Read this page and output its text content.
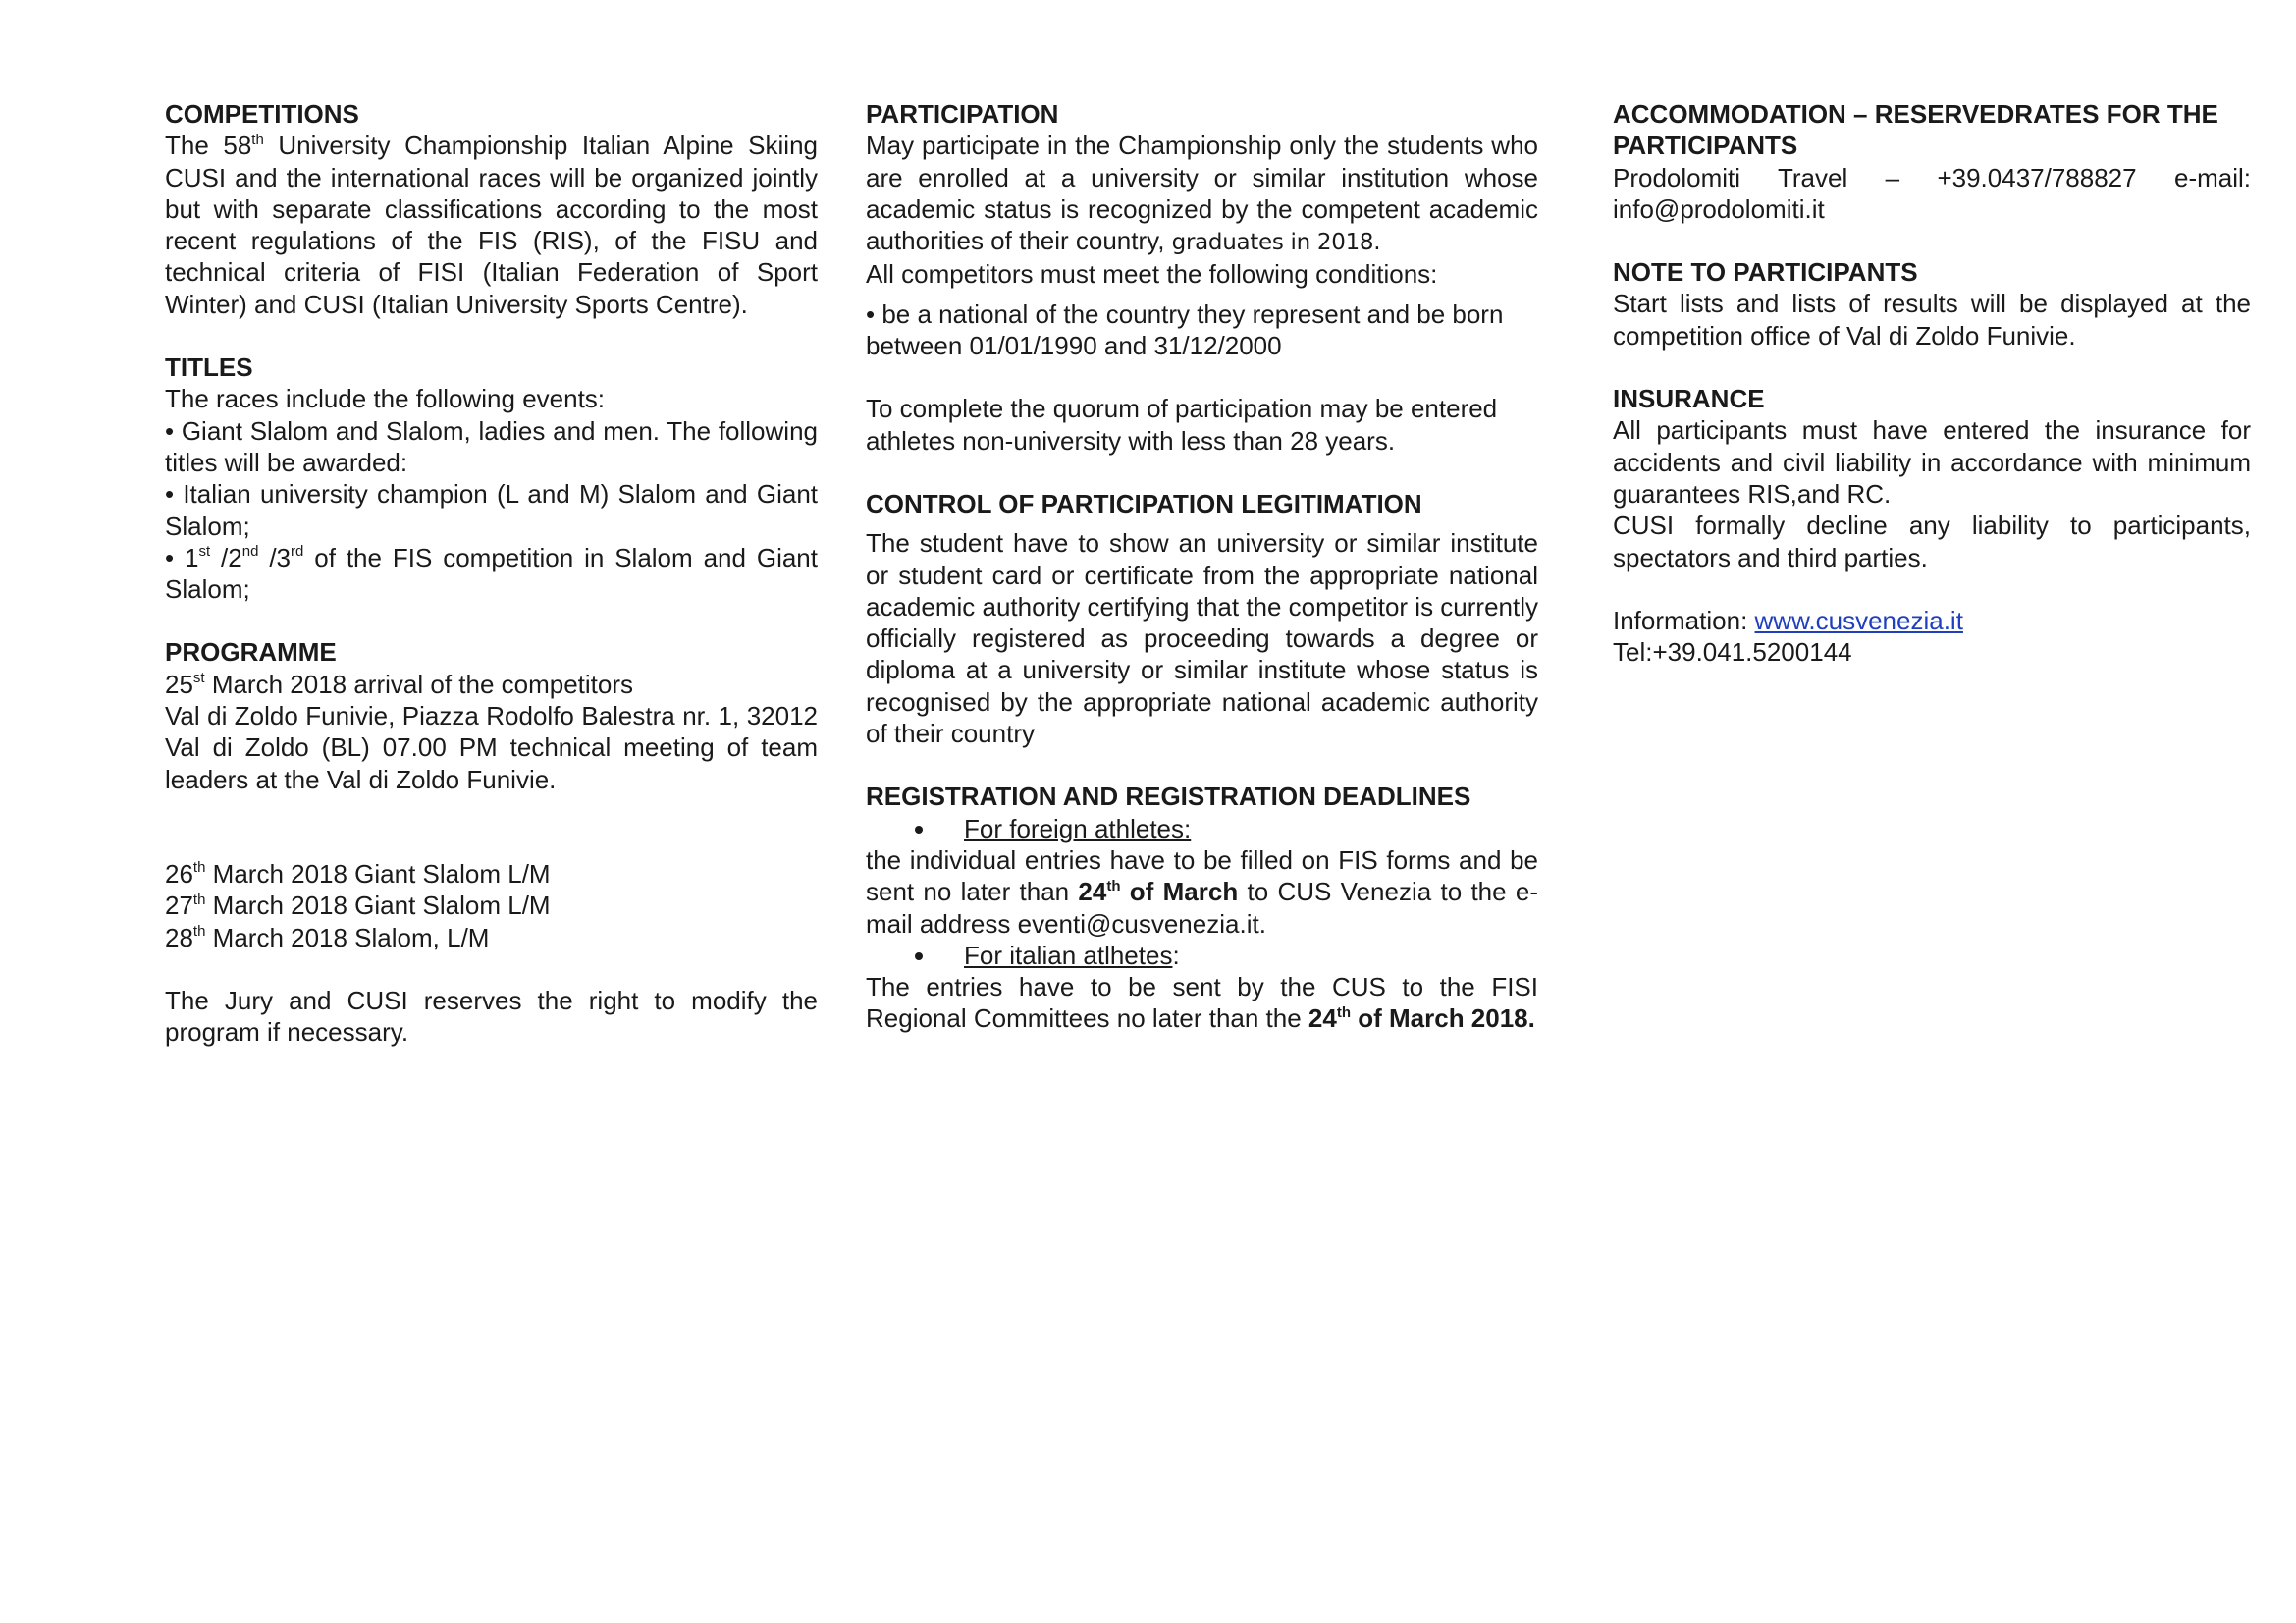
COMPETITIONS

The 58th University Championship Italian Alpine Skiing CUSI and the international races will be organized jointly but with separate classifications according to the most recent regulations of the FIS (RIS), of the FISU and technical criteria of FISI (Italian Federation of Sport Winter) and CUSI (Italian University Sports Centre).

TITLES

The races include the following events:

• Giant Slalom and Slalom, ladies and men. The following titles will be awarded:

• Italian university champion (L and M) Slalom and Giant Slalom;

• 1st /2nd /3rd of the FIS competition in Slalom and Giant Slalom;

PROGRAMME

25st March 2018 arrival of the competitors

Val di Zoldo Funivie, Piazza Rodolfo Balestra nr. 1, 32012 Val di Zoldo (BL) 07.00 PM technical meeting of team leaders at the Val di Zoldo Funivie.

26th March 2018 Giant Slalom L/M

27th March 2018 Giant Slalom L/M

28th March 2018 Slalom, L/M

The Jury and CUSI reserves the right to modify the program if necessary.

PARTICIPATION

May participate in the Championship only the students who are enrolled at a university or similar institution whose academic status is recognized by the competent academic authorities of their country, graduates in 2018.

All competitors must meet the following conditions:

• be a national of the country they represent and be born between 01/01/1990 and 31/12/2000

To complete the quorum of participation may be entered athletes non-university with less than 28 years.

CONTROL OF PARTICIPATION LEGITIMATION

The student have to show an university or similar institute or student card or certificate from the appropriate national academic authority certifying that the competitor is currently officially registered as proceeding towards a degree or diploma at a university or similar institute whose status is recognised by the appropriate national academic authority of their country

REGISTRATION AND REGISTRATION DEADLINES

For foreign athletes:

the individual entries have to be filled on FIS forms and be sent no later than 24th of March to CUS Venezia to the e-mail address eventi@cusvenezia.it.

For italian atlhetes:

The entries have to be sent by the CUS to the FISI Regional Committees no later than the 24th of March 2018.

ACCOMMODATION – RESERVEDRATES FOR THE PARTICIPANTS

Prodolomiti Travel – +39.0437/788827 e-mail: info@prodolomiti.it

NOTE TO PARTICIPANTS

Start lists and lists of results will be displayed at the competition office of Val di Zoldo Funivie.

INSURANCE

All participants must have entered the insurance for accidents and civil liability in accordance with minimum guarantees RIS,and RC.

CUSI formally decline any liability to participants, spectators and third parties.

Information: www.cusvenezia.it

Tel:+39.041.5200144
